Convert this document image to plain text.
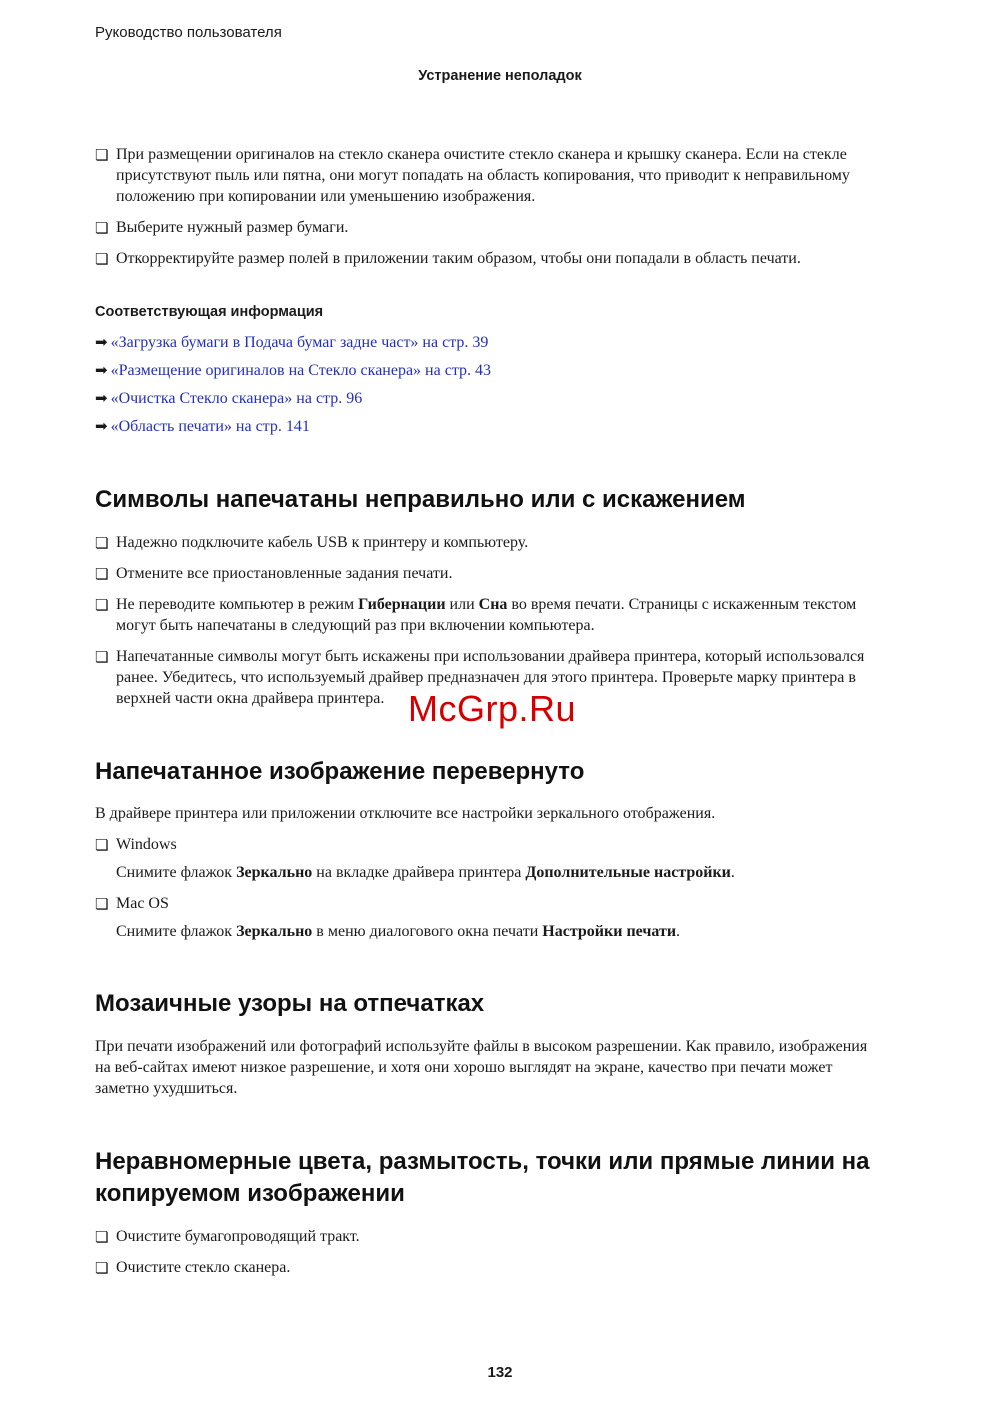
Руководство пользователя
Устранение неполадок
❏ При размещении оригиналов на стекло сканера очистите стекло сканера и крышку сканера. Если на стекле присутствуют пыль или пятна, они могут попадать на область копирования, что приводит к неправильному положению при копировании или уменьшению изображения.
❏ Выберите нужный размер бумаги.
❏ Откорректируйте размер полей в приложении таким образом, чтобы они попадали в область печати.
Соответствующая информация
➡ «Загрузка бумаги в Подача бумаг задне част» на стр. 39
➡ «Размещение оригиналов на Стекло сканера» на стр. 43
➡ «Очистка Стекло сканера» на стр. 96
➡ «Область печати» на стр. 141
Символы напечатаны неправильно или с искажением
❏ Надежно подключите кабель USB к принтеру и компьютеру.
❏ Отмените все приостановленные задания печати.
❏ Не переводите компьютер в режим Гибернации или Сна во время печати. Страницы с искаженным текстом могут быть напечатаны в следующий раз при включении компьютера.
❏ Напечатанные символы могут быть искажены при использовании драйвера принтера, который использовался ранее. Убедитесь, что используемый драйвер предназначен для этого принтера. Проверьте марку принтера в верхней части окна драйвера принтера. McGrp.Ru
Напечатанное изображение перевернуто
В драйвере принтера или приложении отключите все настройки зеркального отображения.
❏ Windows
Снимите флажок Зеркально на вкладке драйвера принтера Дополнительные настройки.
❏ Mac OS
Снимите флажок Зеркально в меню диалогового окна печати Настройки печати.
Мозаичные узоры на отпечатках
При печати изображений или фотографий используйте файлы в высоком разрешении. Как правило, изображения на веб-сайтах имеют низкое разрешение, и хотя они хорошо выглядят на экране, качество при печати может заметно ухудшиться.
Неравномерные цвета, размытость, точки или прямые линии на копируемом изображении
❏ Очистите бумагопроводящий тракт.
❏ Очистите стекло сканера.
132
